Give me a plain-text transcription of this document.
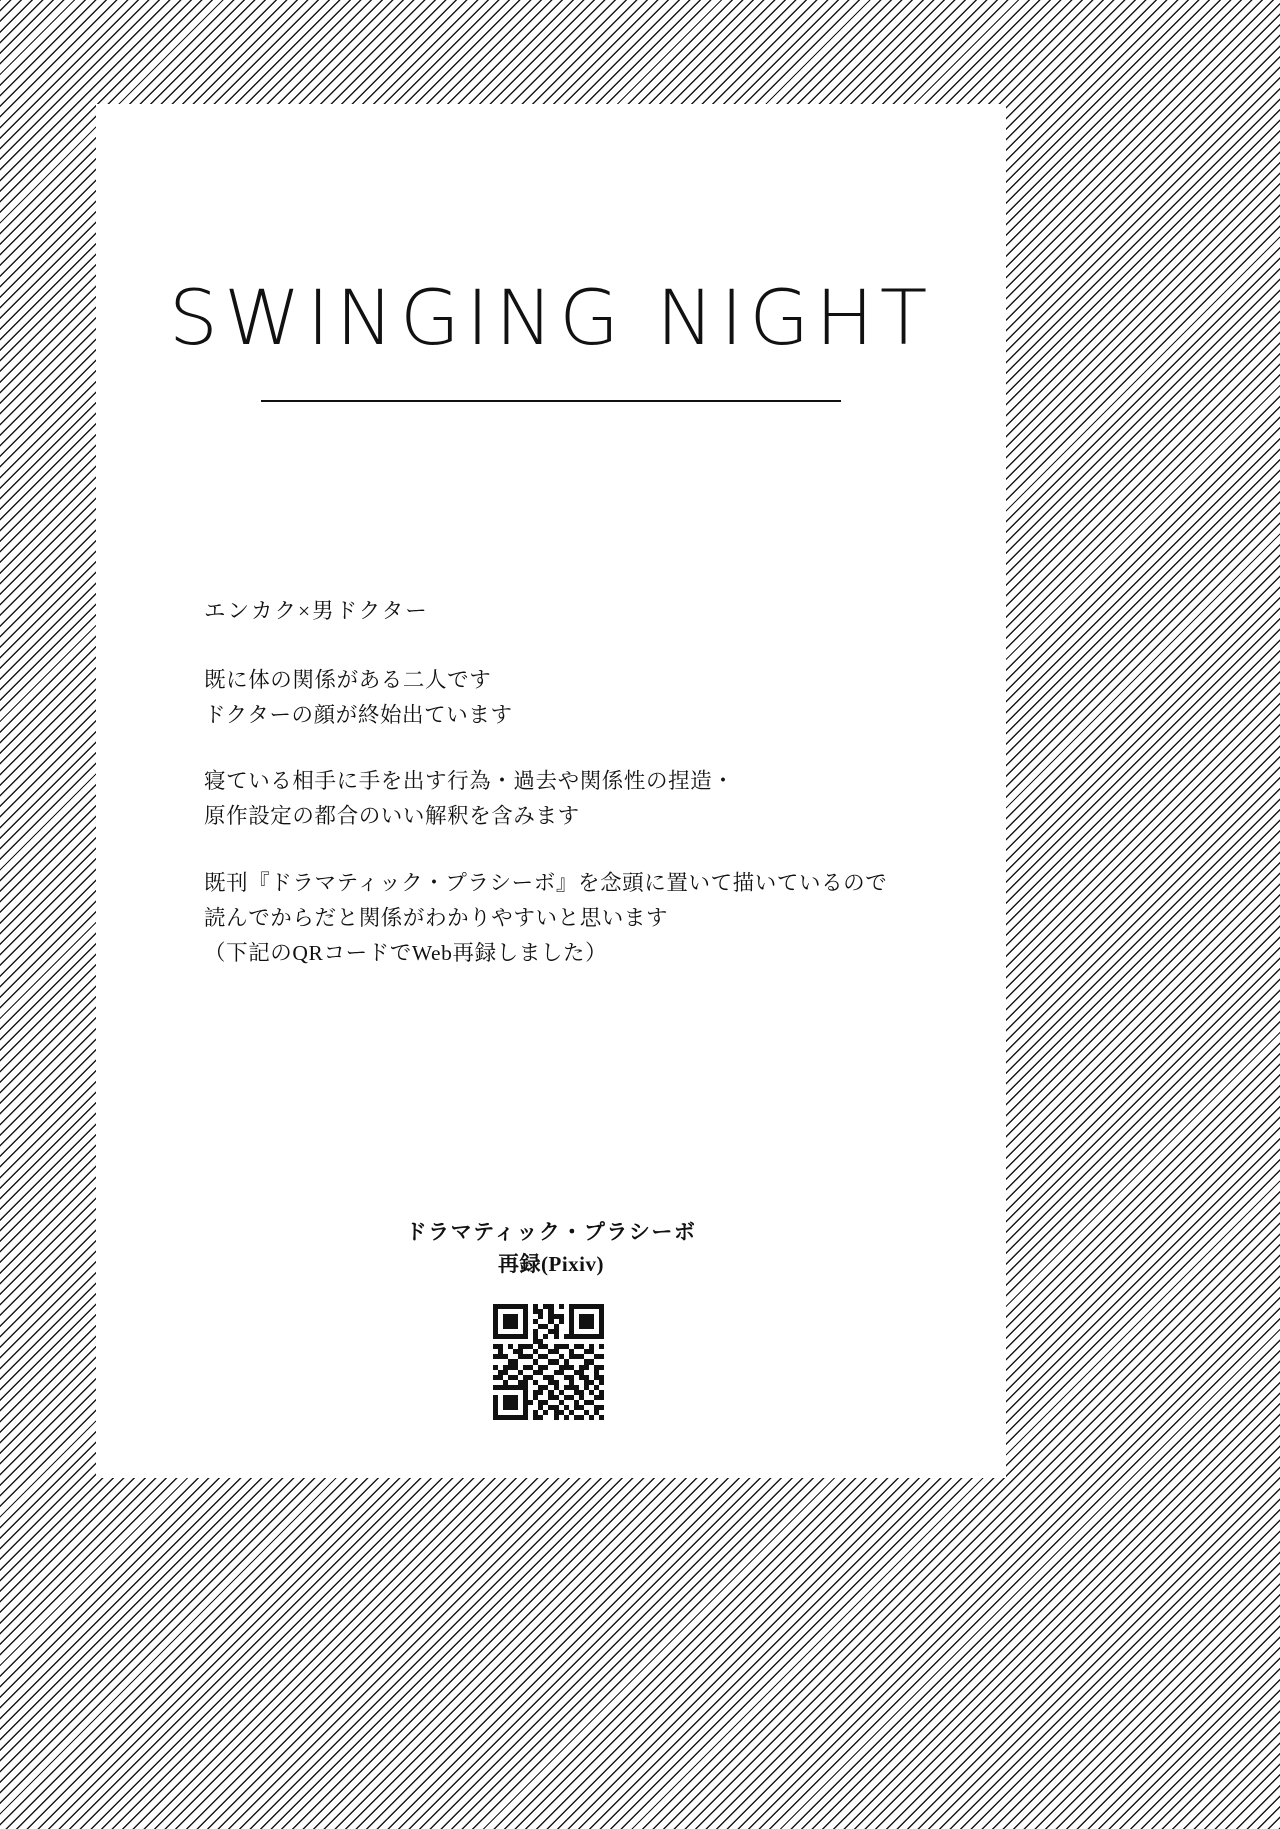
SWINGING NIGHT
エンカク×男ドクター
既に体の関係がある二人です
ドクターの顔が終始出ています
寝ている相手に手を出す行為・過去や関係性の捏造・
原作設定の都合のいい解釈を含みます
既刊『ドラマティック・プラシーボ』を念頭に置いて描いているので
読んでからだと関係がわかりやすいと思います
（下記のQRコードでWeb再録しました）
ドラマティック・プラシーボ
再録(Pixiv)
